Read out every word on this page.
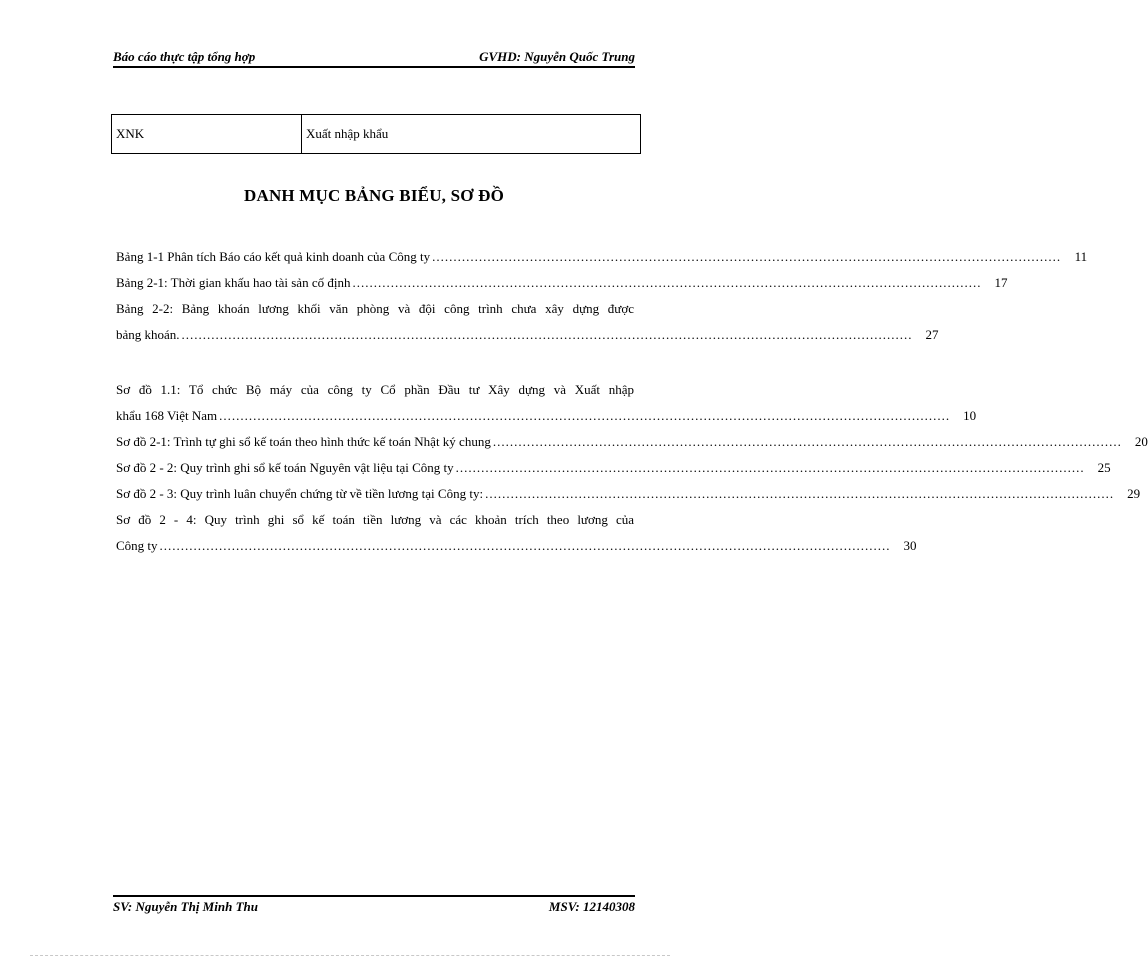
Báo cáo thực tập tổng hợp	GVHD: Nguyễn Quốc Trung
XNK	Xuất nhập khẩu
DANH MỤC BẢNG BIỂU, SƠ ĐỒ
Bảng 1-1 Phân tích Báo cáo kết quả kinh doanh của Công ty ....................................................................................................................................................	11
Bảng 2-1: Thời gian khấu hao tài sản cố định ....................................................................................................................................................	17
Bảng 2-2: Bảng khoán lương khối văn phòng và đội công trình chưa xây dựng được
bảng khoán. ............................................................................................................................................................................	27
Sơ đồ 1.1: Tổ chức Bộ máy của công ty Cổ phần Đầu tư Xây dựng và Xuất nhập
khẩu 168 Việt Nam ............................................................................................................................................................................	10
Sơ đồ 2-1: Trình tự ghi sổ kế toán theo hình thức kế toán Nhật ký chung ....................................................................................................................................................	20
Sơ đồ 2 - 2: Quy trình ghi sổ kế toán Nguyên vật liệu tại Công ty ....................................................................................................................................................	25
Sơ đồ 2 - 3: Quy trình luân chuyển chứng từ về tiền lương tại Công ty: ....................................................................................................................................................	29
Sơ đồ 2 - 4: Quy trình ghi sổ kế toán tiền lương và các khoản trích theo lương của
Công ty ............................................................................................................................................................................	30
SV: Nguyễn Thị Minh Thu	MSV: 12140308
